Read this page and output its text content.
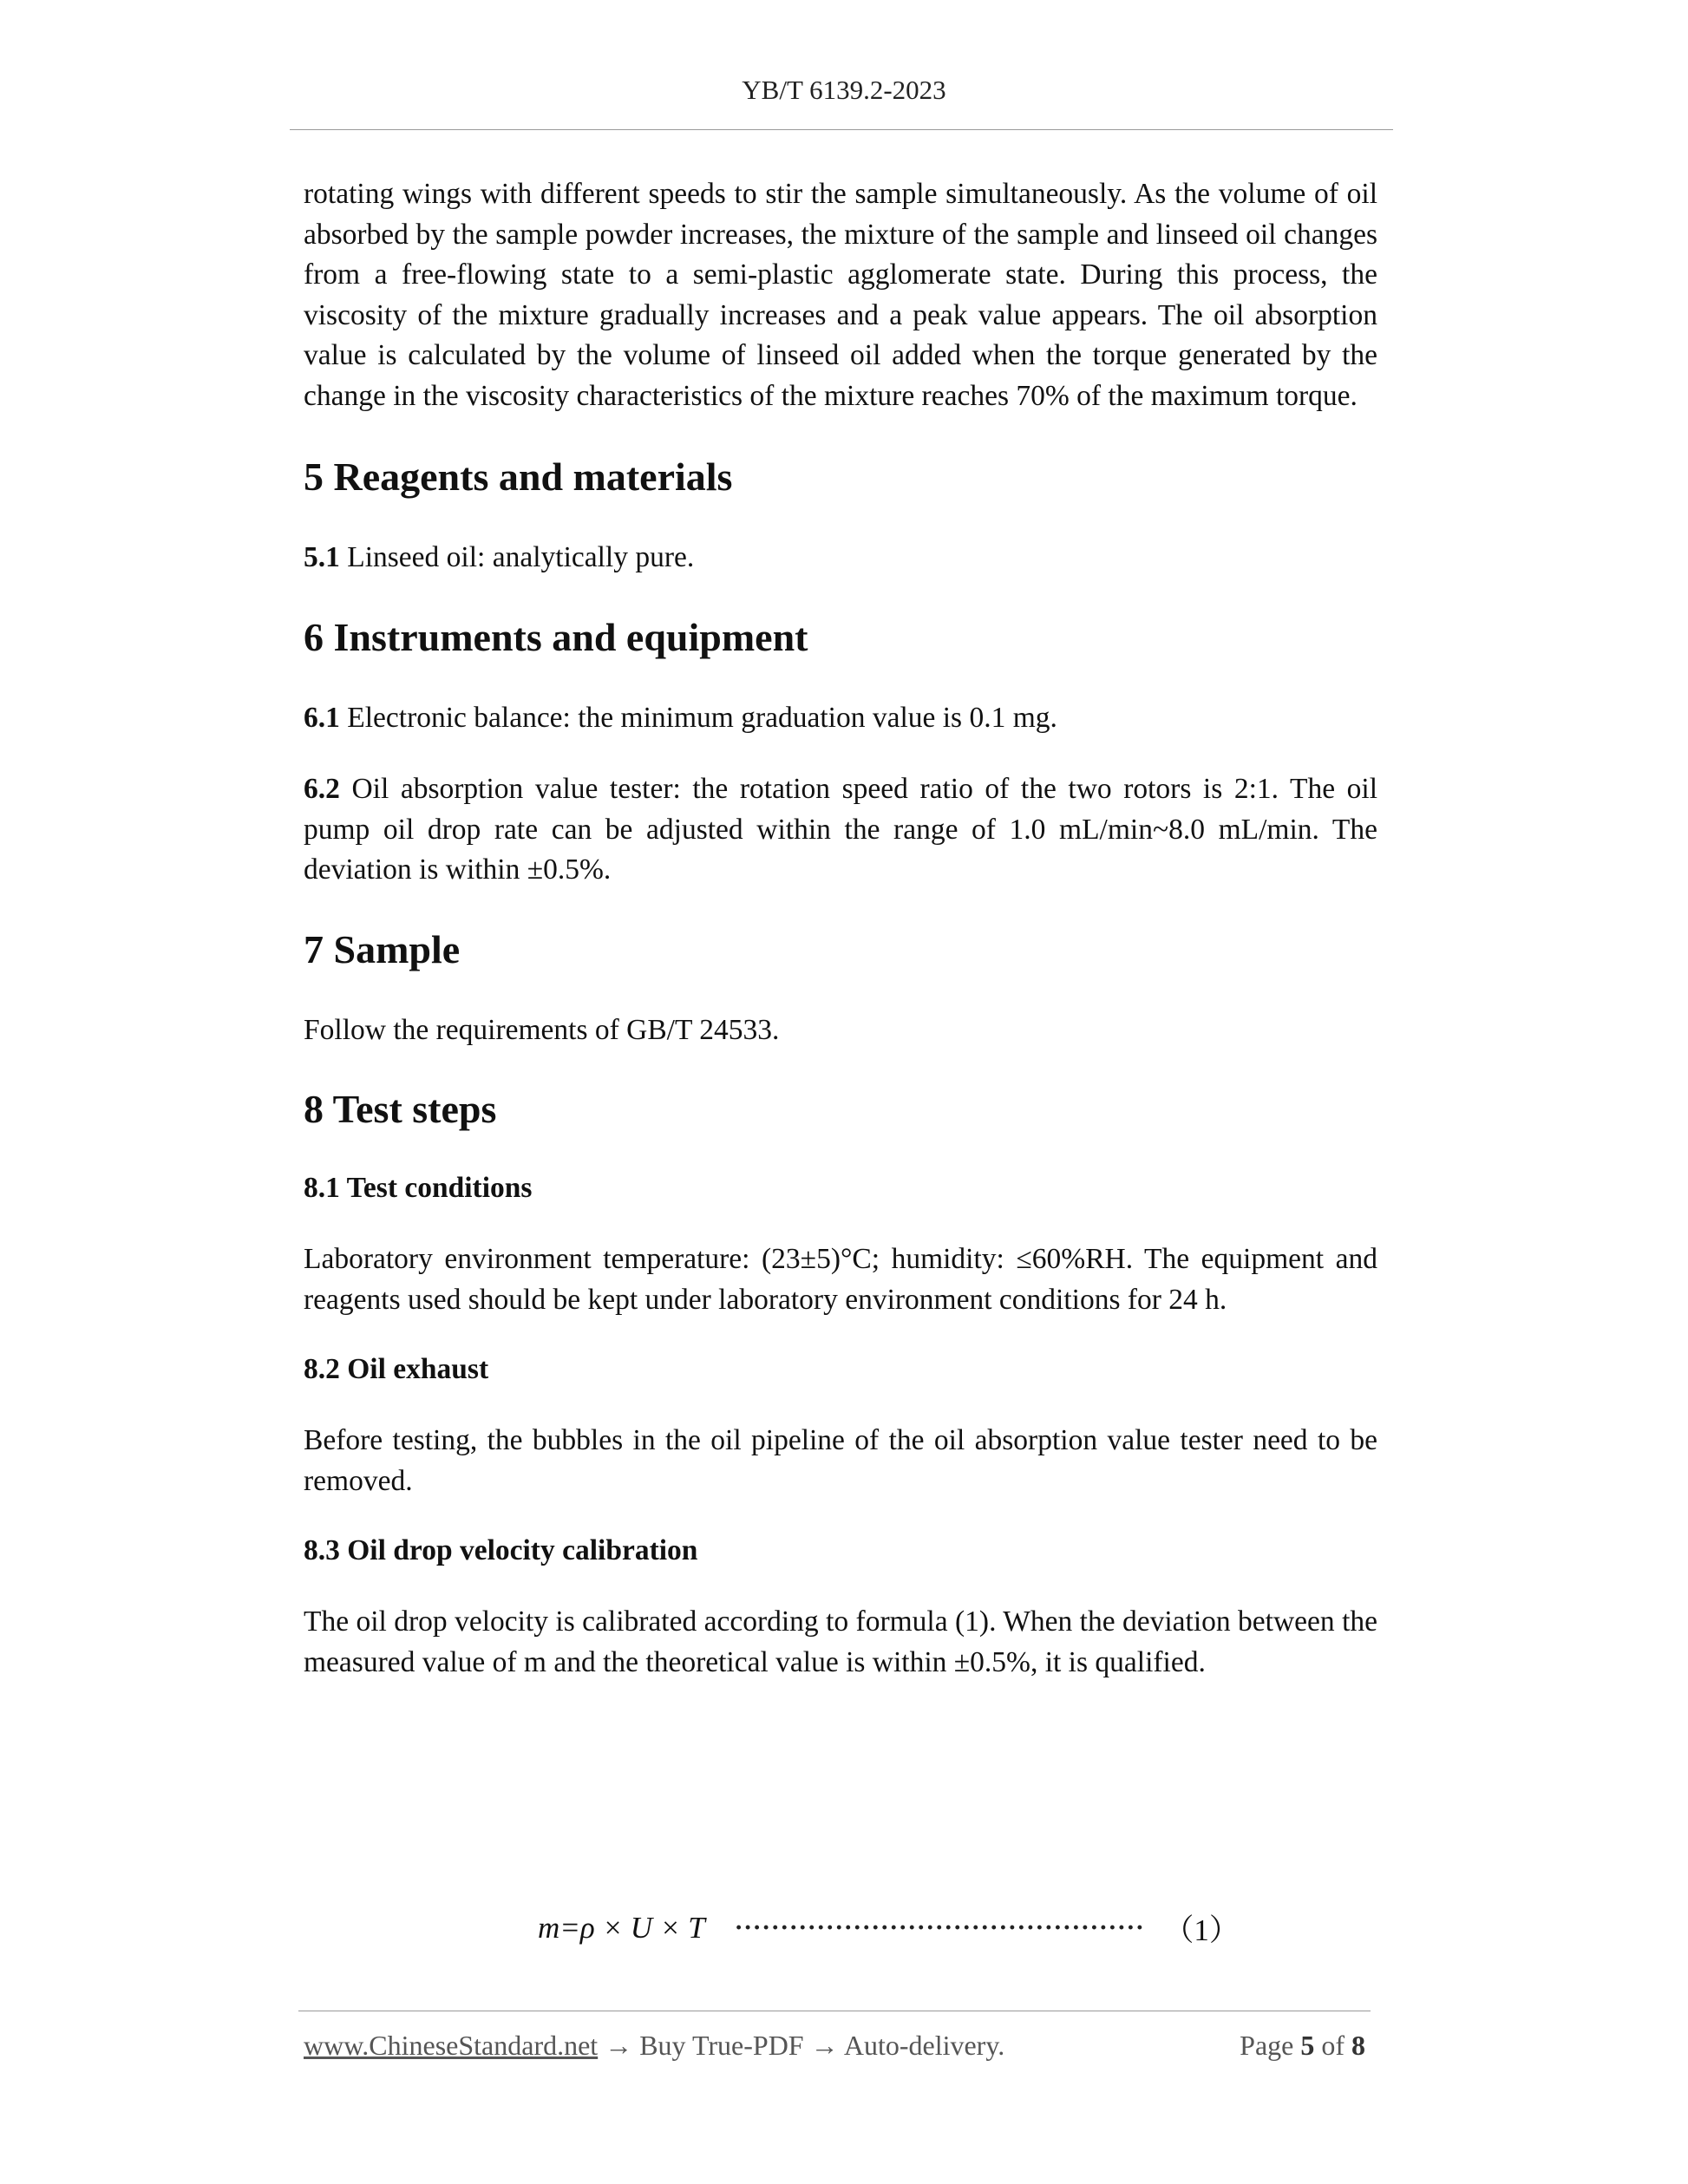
YB/T 6139.2-2023

rotating wings with different speeds to stir the sample simultaneously. As the volume of oil absorbed by the sample powder increases, the mixture of the sample and linseed oil changes from a free-flowing state to a semi-plastic agglomerate state. During this process, the viscosity of the mixture gradually increases and a peak value appears. The oil absorption value is calculated by the volume of linseed oil added when the torque generated by the change in the viscosity characteristics of the mixture reaches 70% of the maximum torque.

5 Reagents and materials

5.1 Linseed oil: analytically pure.

6 Instruments and equipment

6.1 Electronic balance: the minimum graduation value is 0.1 mg.

6.2 Oil absorption value tester: the rotation speed ratio of the two rotors is 2:1. The oil pump oil drop rate can be adjusted within the range of 1.0 mL/min~8.0 mL/min. The deviation is within ±0.5%.

7 Sample

Follow the requirements of GB/T 24533.

8 Test steps
8.1 Test conditions

Laboratory environment temperature: (23±5)°C; humidity: ≤60%RH. The equipment and reagents used should be kept under laboratory environment conditions for 24 h.

8.2 Oil exhaust

Before testing, the bubbles in the oil pipeline of the oil absorption value tester need to be removed.

8.3 Oil drop velocity calibration

The oil drop velocity is calibrated according to formula (1). When the deviation between the measured value of m and the theoretical value is within ±0.5%, it is qualified.

m=ρ × U × T ············································· （1）
www.ChineseStandard.net → Buy True-PDF → Auto-delivery.	Page 5 of 8
